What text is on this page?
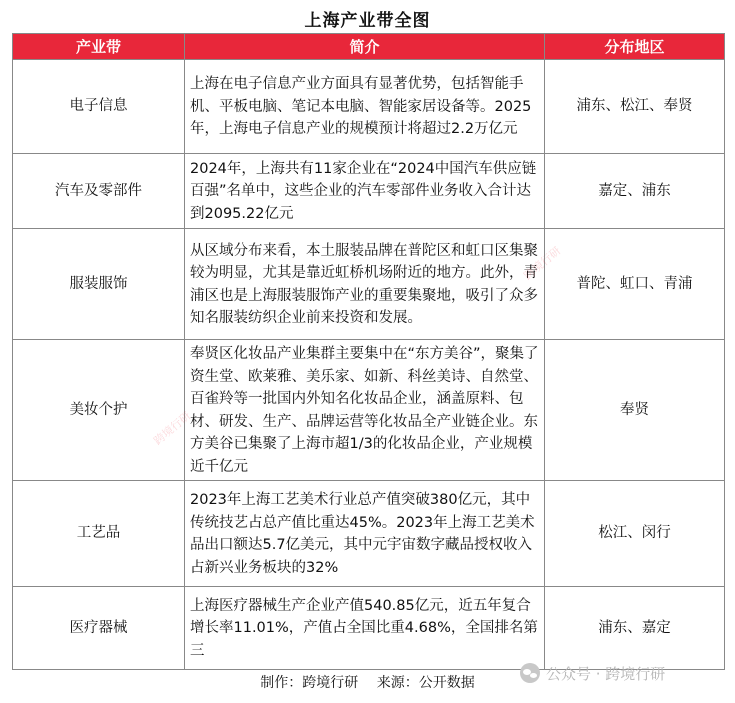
上海产业带全图
产业带	简介	分布地区
电子信息	上海在电子信息产业方面具有显著优势，包括智能手机、平板电脑、笔记本电脑、智能家居设备等。2025年，上海电子信息产业的规模预计将超过2.2万亿元	浦东、松江、奉贤
汽车及零部件	2024年，上海共有11家企业在“2024中国汽车供应链百强”名单中，这些企业的汽车零部件业务收入合计达到2095.22亿元	嘉定、浦东
服装服饰	从区域分布来看，本土服装品牌在普陀区和虹口区集聚较为明显，尤其是靠近虹桥机场附近的地方。此外，青浦区也是上海服装服饰产业的重要集聚地，吸引了众多知名服装纺织企业前来投资和发展。	普陀、虹口、青浦
美妆个护	奉贤区化妆品产业集群主要集中在“东方美谷”，聚集了资生堂、欧莱雅、美乐家、如新、科丝美诗、自然堂、百雀羚等一批国内外知名化妆品企业，涵盖原料、包材、研发、生产、品牌运营等化妆品全产业链企业。东方美谷已集聚了上海市超1/3的化妆品企业，产业规模近千亿元	奉贤
工艺品	2023年上海工艺美术行业总产值突破380亿元，其中传统技艺占总产值比重达45%。2023年上海工艺美术品出口额达5.7亿美元，其中元宇宙数字藏品授权收入占新兴业务板块的32%	松江、闵行
医疗器械	上海医疗器械生产企业产值540.85亿元，近五年复合增长率11.01%，产值占全国比重4.68%，全国排名第三	浦东、嘉定
跨境行研
跨境行研
制作：跨境行研 来源：公开数据
公众号 · 跨境行研
